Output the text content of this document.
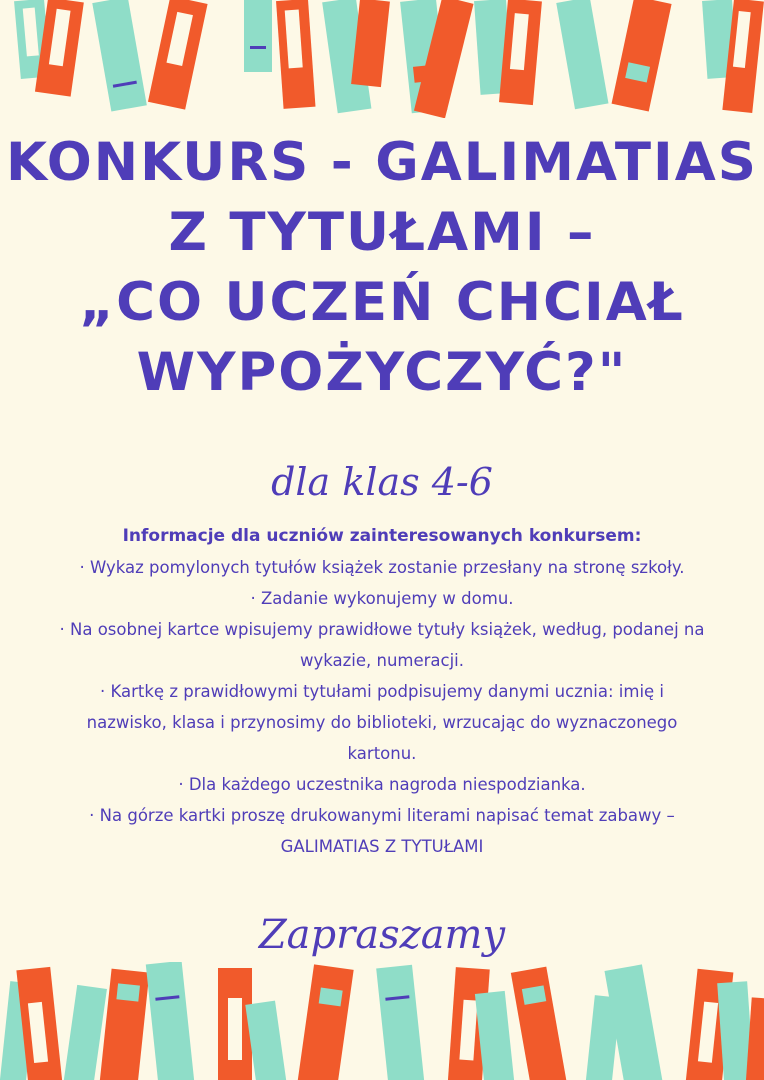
KONKURS - GALIMATIAS
Z TYTUŁAMI –
„CO UCZEŃ CHCIAŁ
WYPOŻYCZYĆ?"
dla klas 4-6
Informacje dla uczniów zainteresowanych konkursem:

· Wykaz pomylonych tytułów książek zostanie przesłany na stronę szkoły.

· Zadanie wykonujemy w domu.

· Na osobnej kartce wpisujemy prawidłowe tytuły książek, według, podanej na wykazie, numeracji.

· Kartkę z prawidłowymi tytułami podpisujemy danymi ucznia: imię i nazwisko, klasa i przynosimy do biblioteki, wrzucając do wyznaczonego kartonu.

· Dla każdego uczestnika nagroda niespodzianka.

· Na górze kartki proszę drukowanymi literami napisać temat zabawy – GALIMATIAS Z TYTUŁAMI

Zapraszamy
